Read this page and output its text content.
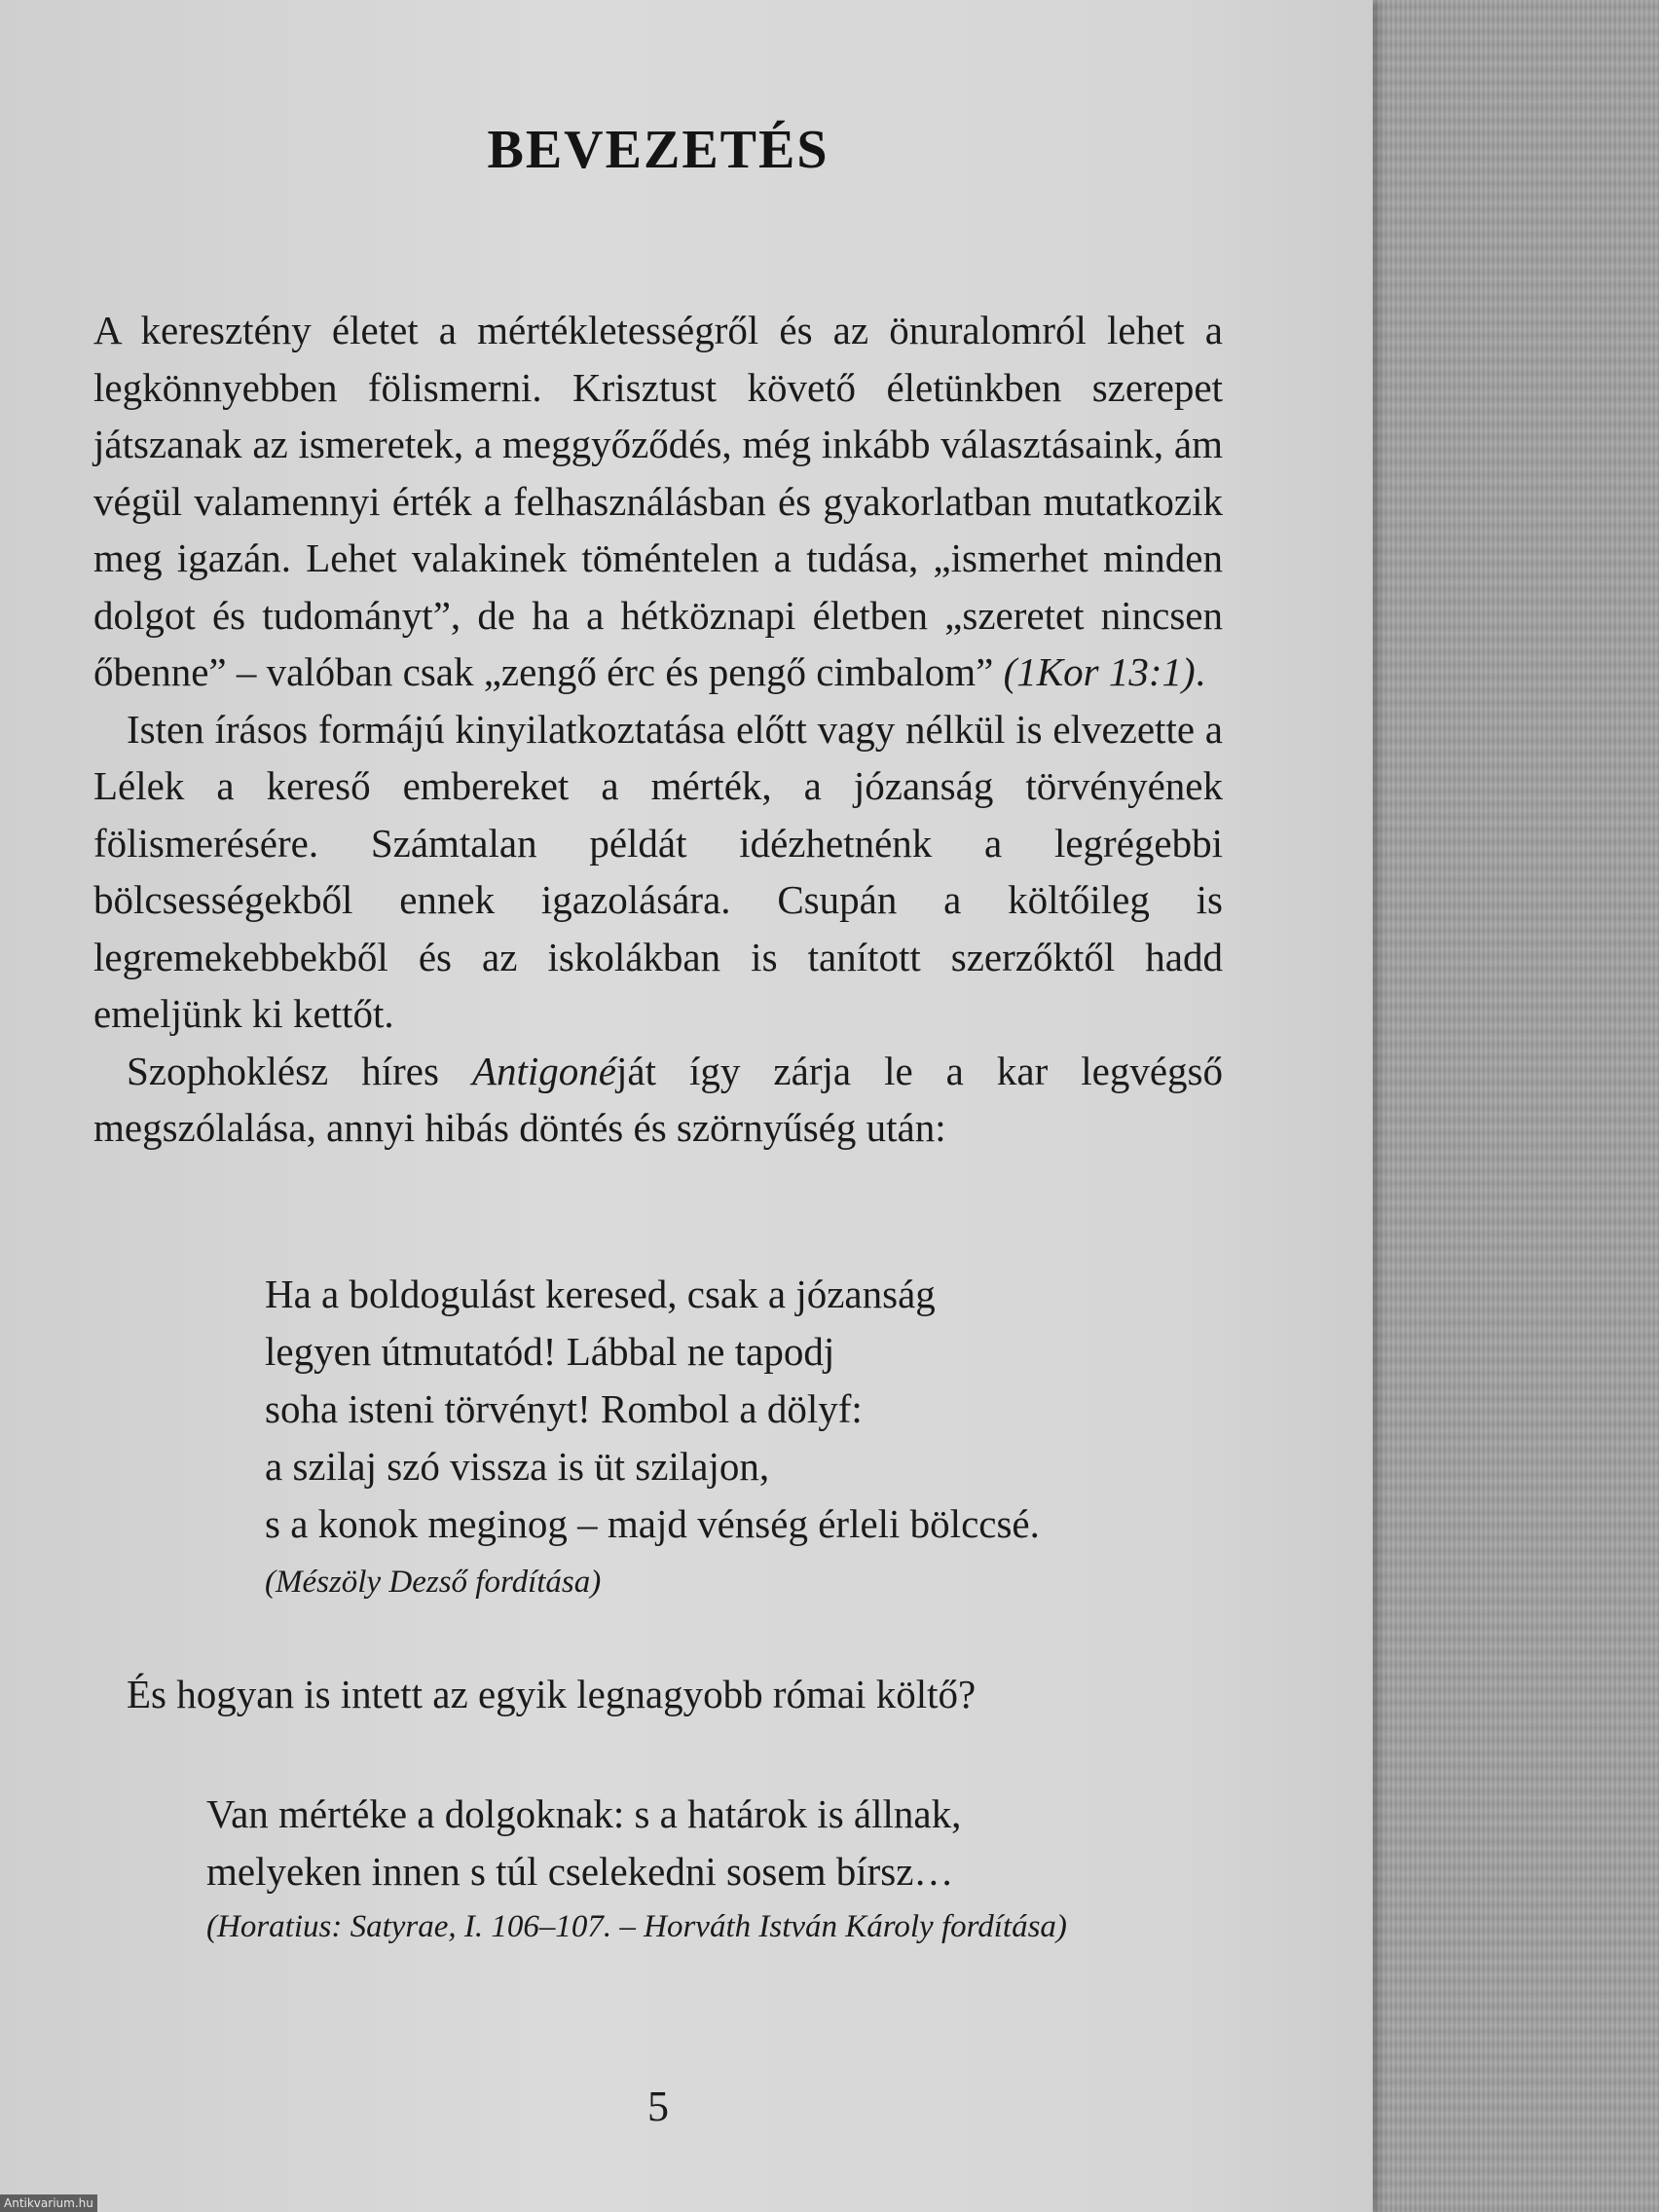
BEVEZETÉS

A keresztény életet a mértékletességről és az önuralomról lehet a legkönnyebben fölismerni. Krisztust követő életünkben szerepet játszanak az ismeretek, a meggyőződés, még inkább választásaink, ám végül valamennyi érték a felhasználásban és gyakorlatban mutatkozik meg igazán. Lehet valakinek töméntelen a tudása, „ismerhet minden dolgot és tudományt”, de ha a hétköznapi életben „szeretet nincsen őbenne” – valóban csak „zengő érc és pengő cimbalom” (1Kor 13:1).

Isten írásos formájú kinyilatkoztatása előtt vagy nélkül is elvezette a Lélek a kereső embereket a mérték, a józanság törvényének fölismerésére. Számtalan példát idézhetnénk a legrégebbi bölcsességekből ennek igazolására. Csupán a költőileg is legremekebbekből és az iskolákban is tanított szerzőktől hadd emeljünk ki kettőt.

Szophoklész híres Antigonéját így zárja le a kar legvégső megszólalása, annyi hibás döntés és szörnyűség után:

Ha a boldogulást keresed, csak a józanság
legyen útmutatód! Lábbal ne tapodj
soha isteni törvényt! Rombol a dölyf:
a szilaj szó vissza is üt szilajon,
s a konok meginog – majd vénség érleli bölccsé.
(Mészöly Dezső fordítása)
És hogyan is intett az egyik legnagyobb római költő?
Van mértéke a dolgoknak: s a határok is állnak,
melyeken innen s túl cselekedni sosem bírsz…
(Horatius: Satyrae, I. 106–107. – Horváth István Károly fordítása)
5
Antikvarium.hu
